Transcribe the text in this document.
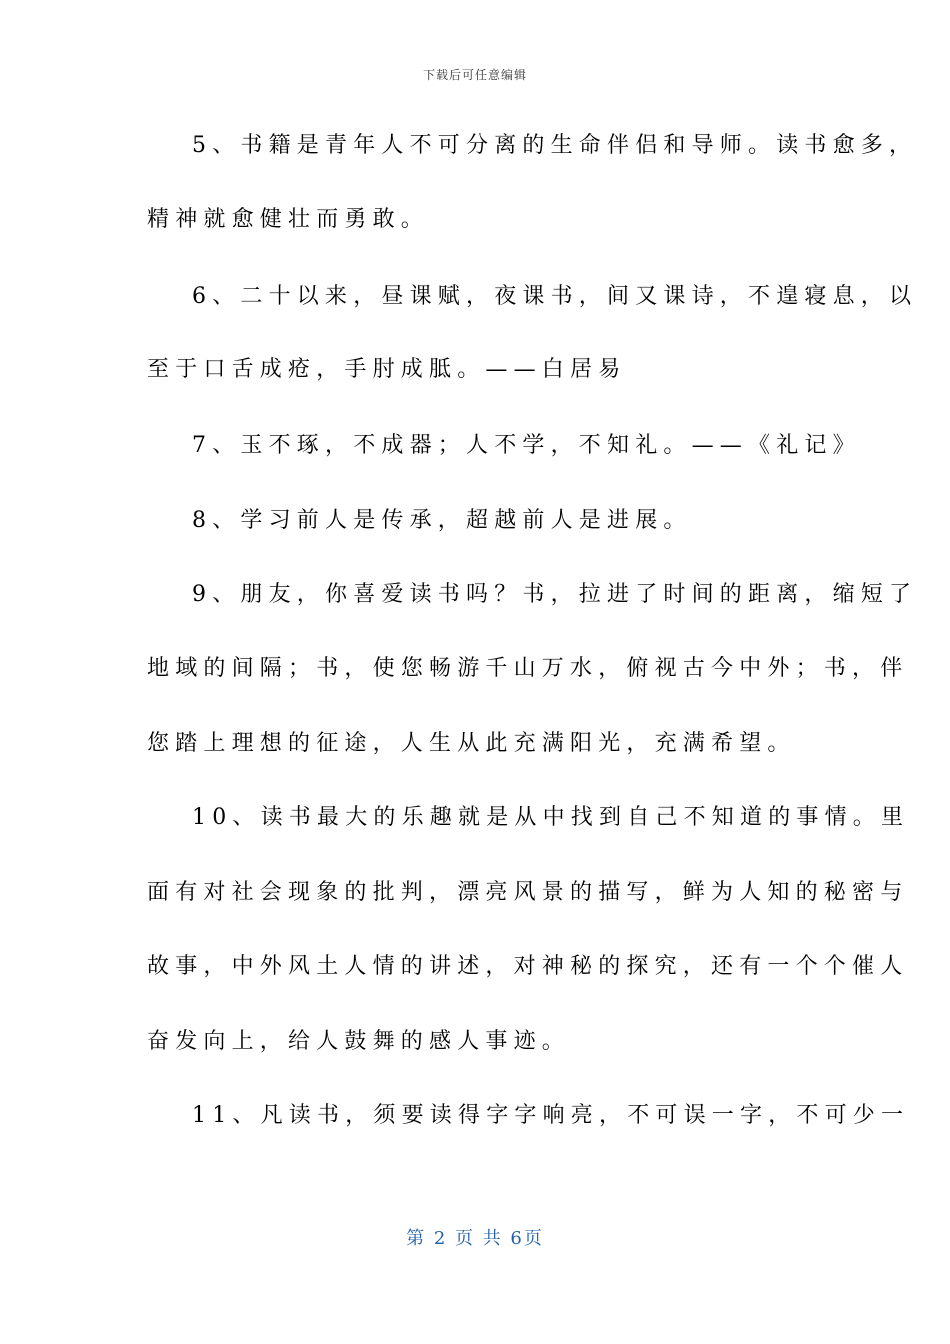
下载后可任意编辑
5、书籍是青年人不可分离的生命伴侣和导师。读书愈多，
精神就愈健壮而勇敢。
6、二十以来，昼课赋，夜课书，间又课诗，不遑寝息，以
至于口舌成疮，手肘成胝。——白居易
7、玉不琢，不成器；人不学，不知礼。——《礼记》
8、学习前人是传承，超越前人是进展。
9、朋友，你喜爱读书吗？书，拉进了时间的距离，缩短了
地域的间隔；书，使您畅游千山万水，俯视古今中外；书，伴
您踏上理想的征途，人生从此充满阳光，充满希望。
10、读书最大的乐趣就是从中找到自己不知道的事情。里
面有对社会现象的批判，漂亮风景的描写，鲜为人知的秘密与
故事，中外风土人情的讲述，对神秘的探究，还有一个个催人
奋发向上，给人鼓舞的感人事迹。
11、凡读书，须要读得字字响亮，不可误一字，不可少一
第 2 页 共 6页
